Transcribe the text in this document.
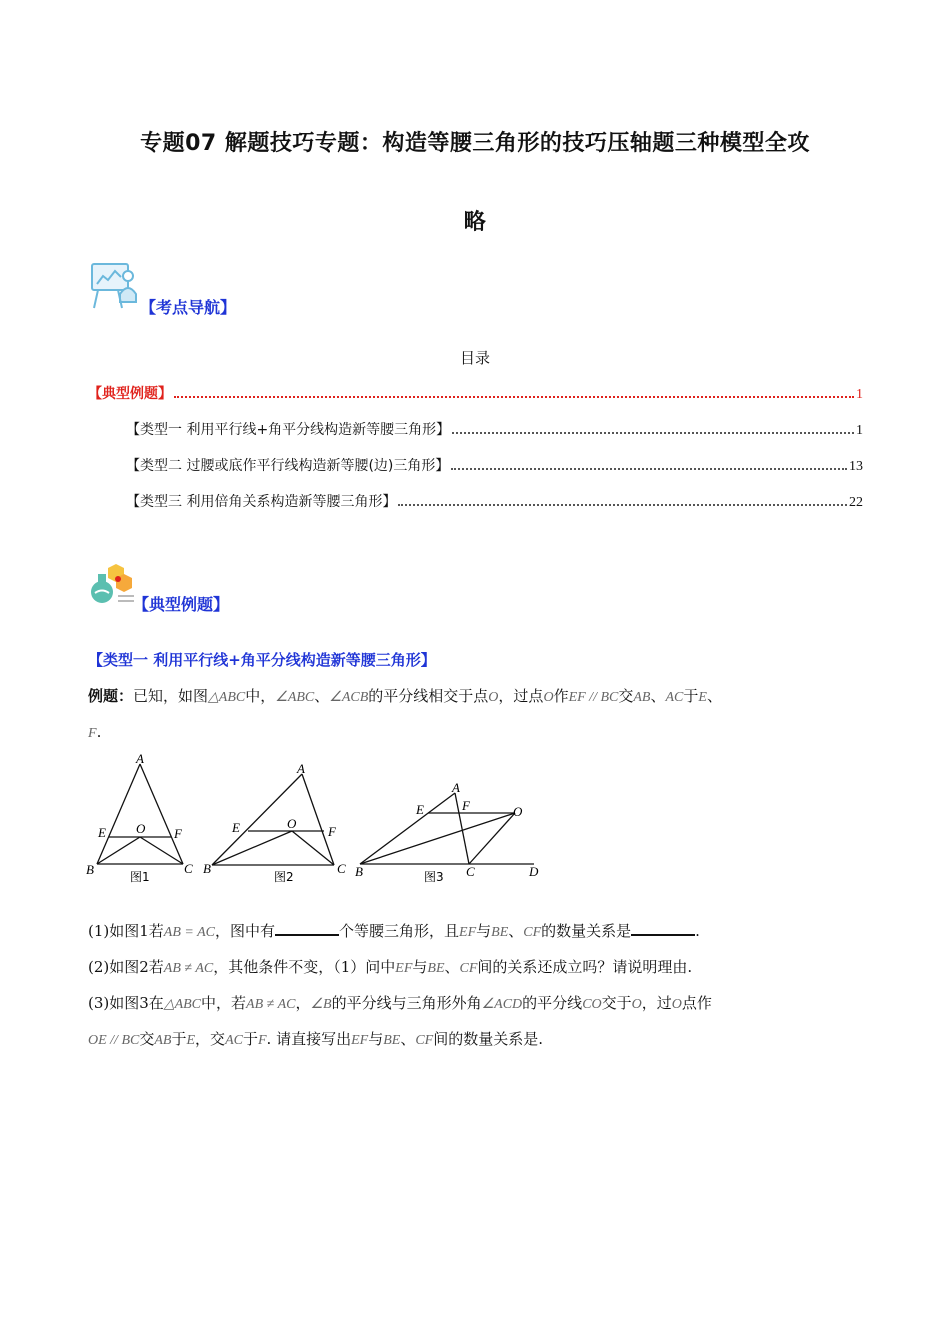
专题07 解题技巧专题：构造等腰三角形的技巧压轴题三种模型全攻
略
【考点导航】
目录
【典型例题】	1
【类型一 利用平行线+角平分线构造新等腰三角形】	1
【类型二 过腰或底作平行线构造新等腰(边)三角形】	13
【类型三 利用倍角关系构造新等腰三角形】	22
【典型例题】
【类型一 利用平行线+角平分线构造新等腰三角形】
例题：已知，如图△ABC中，∠ABC、∠ACB的平分线相交于点O，过点O作EF // BC交AB、AC于E、
F.
A
B	C
E	F
O
图1
A
B	C
E	F
O
图2
A
B	C	D
E	F	O
图3
(1)如图1若AB = AC，图中有	个等腰三角形，且EF与BE、CF的数量关系是	.
(2)如图2若AB ≠ AC，其他条件不变，（1）问中EF与BE、CF间的关系还成立吗？请说明理由.
(3)如图3在△ABC中，若AB ≠ AC，∠B的平分线与三角形外角∠ACD的平分线CO交于O，过O点作
OE // BC交AB于E，交AC于F. 请直接写出EF与BE、CF间的数量关系是.
